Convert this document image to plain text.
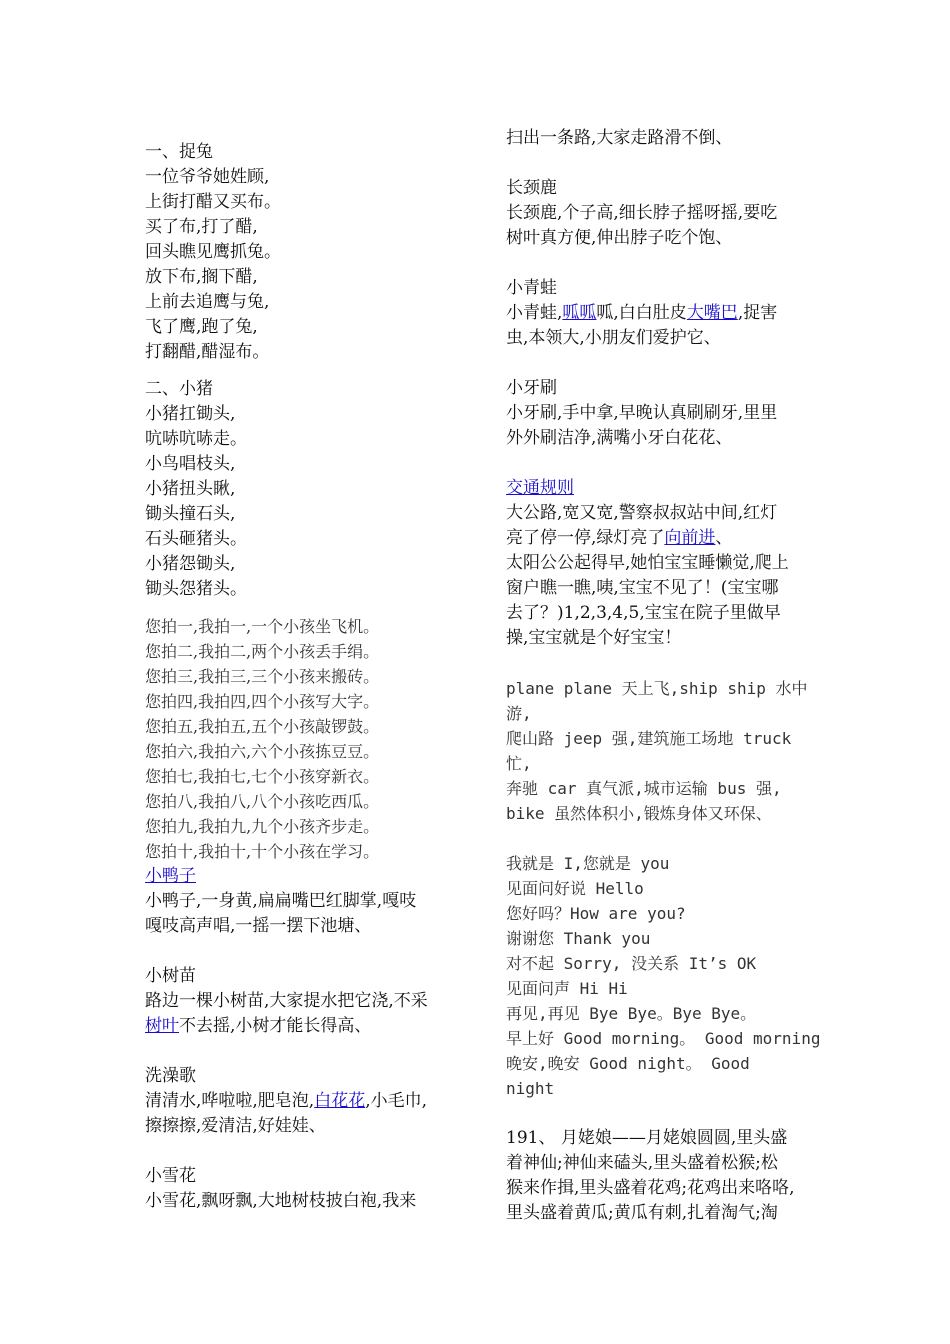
一、捉兔
一位爷爷她姓顾,
上街打醋又买布。
买了布,打了醋,
回头瞧见鹰抓兔。
放下布,搁下醋,
上前去追鹰与兔,
飞了鹰,跑了兔,
打翻醋,醋湿布。
二、小猪
小猪扛锄头,
吭哧吭哧走。
小鸟唱枝头,
小猪扭头瞅,
锄头撞石头,
石头砸猪头。
小猪怨锄头,
锄头怨猪头。
您拍一,我拍一,一个小孩坐飞机。
您拍二,我拍二,两个小孩丢手绢。
您拍三,我拍三,三个小孩来搬砖。
您拍四,我拍四,四个小孩写大字。
您拍五,我拍五,五个小孩敲锣鼓。
您拍六,我拍六,六个小孩拣豆豆。
您拍七,我拍七,七个小孩穿新衣。
您拍八,我拍八,八个小孩吃西瓜。
您拍九,我拍九,九个小孩齐步走。
您拍十,我拍十,十个小孩在学习。
小鸭子
小鸭子,一身黄,扁扁嘴巴红脚掌,嘎吱
嘎吱高声唱,一摇一摆下池塘、
小树苗
路边一棵小树苗,大家提水把它浇,不采
树叶不去摇,小树才能长得高、
洗澡歌
清清水,哗啦啦,肥皂泡,白花花,小毛巾,
擦擦擦,爱清洁,好娃娃、
小雪花
小雪花,飘呀飘,大地树枝披白袍,我来
扫出一条路,大家走路滑不倒、
长颈鹿
长颈鹿,个子高,细长脖子摇呀摇,要吃
树叶真方便,伸出脖子吃个饱、
小青蛙
小青蛙,呱呱呱,白白肚皮大嘴巴,捉害
虫,本领大,小朋友们爱护它、
小牙刷
小牙刷,手中拿,早晚认真刷刷牙,里里
外外刷洁净,满嘴小牙白花花、
交通规则
大公路,宽又宽,警察叔叔站中间,红灯
亮了停一停,绿灯亮了向前进、
太阳公公起得早,她怕宝宝睡懒觉,爬上
窗户瞧一瞧,咦,宝宝不见了！(宝宝哪
去了？)1,2,3,4,5,宝宝在院子里做早
操,宝宝就是个好宝宝！
plane plane 天上飞,ship ship 水中
游,
爬山路 jeep 强,建筑施工场地 truck
忙,
奔驰 car 真气派,城市运输 bus 强,
bike 虽然体积小,锻炼身体又环保、
我就是 I,您就是 you
见面问好说 Hello
您好吗？How are you?
谢谢您 Thank you
对不起 Sorry, 没关系 It’s OK
见面问声 Hi Hi
再见,再见 Bye Bye。Bye Bye。
早上好 Good morning。 Good morning
晚安,晚安 Good night。 Good
night
191、 月姥娘——月姥娘圆圆,里头盛
着神仙;神仙来磕头,里头盛着松猴;松
猴来作揖,里头盛着花鸡;花鸡出来咯咯,
里头盛着黄瓜;黄瓜有刺,扎着淘气;淘
